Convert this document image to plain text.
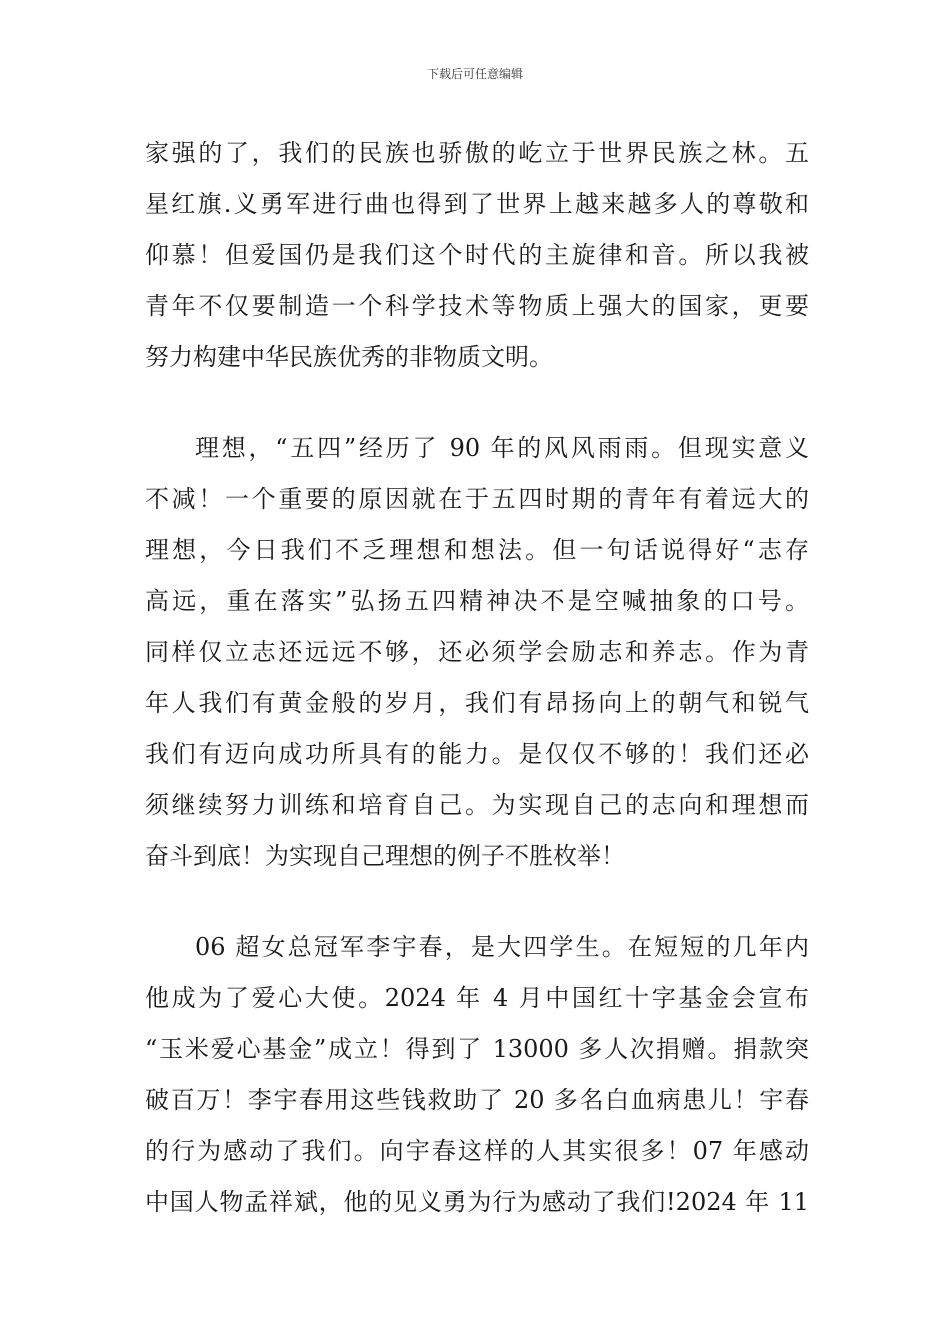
下载后可任意编辑
家强的了，我们的民族也骄傲的屹立于世界民族之林。五
星红旗.义勇军进行曲也得到了世界上越来越多人的尊敬和
仰慕！但爱国仍是我们这个时代的主旋律和音。所以我被
青年不仅要制造一个科学技术等物质上强大的国家，更要
努力构建中华民族优秀的非物质文明。
理想，“五四”经历了 90 年的风风雨雨。但现实意义
不减！一个重要的原因就在于五四时期的青年有着远大的
理想，今日我们不乏理想和想法。但一句话说得好“志存
高远，重在落实”弘扬五四精神决不是空喊抽象的口号。
同样仅立志还远远不够，还必须学会励志和养志。作为青
年人我们有黄金般的岁月，我们有昂扬向上的朝气和锐气
我们有迈向成功所具有的能力。是仅仅不够的！我们还必
须继续努力训练和培育自己。为实现自己的志向和理想而
奋斗到底！为实现自己理想的例子不胜枚举！
06 超女总冠军李宇春，是大四学生。在短短的几年内
他成为了爱心大使。2024 年 4 月中国红十字基金会宣布
“玉米爱心基金”成立！得到了 13000 多人次捐赠。捐款突
破百万！李宇春用这些钱救助了 20 多名白血病患儿！宇春
的行为感动了我们。向宇春这样的人其实很多！07 年感动
中国人物孟祥斌，他的见义勇为行为感动了我们!2024 年 11
